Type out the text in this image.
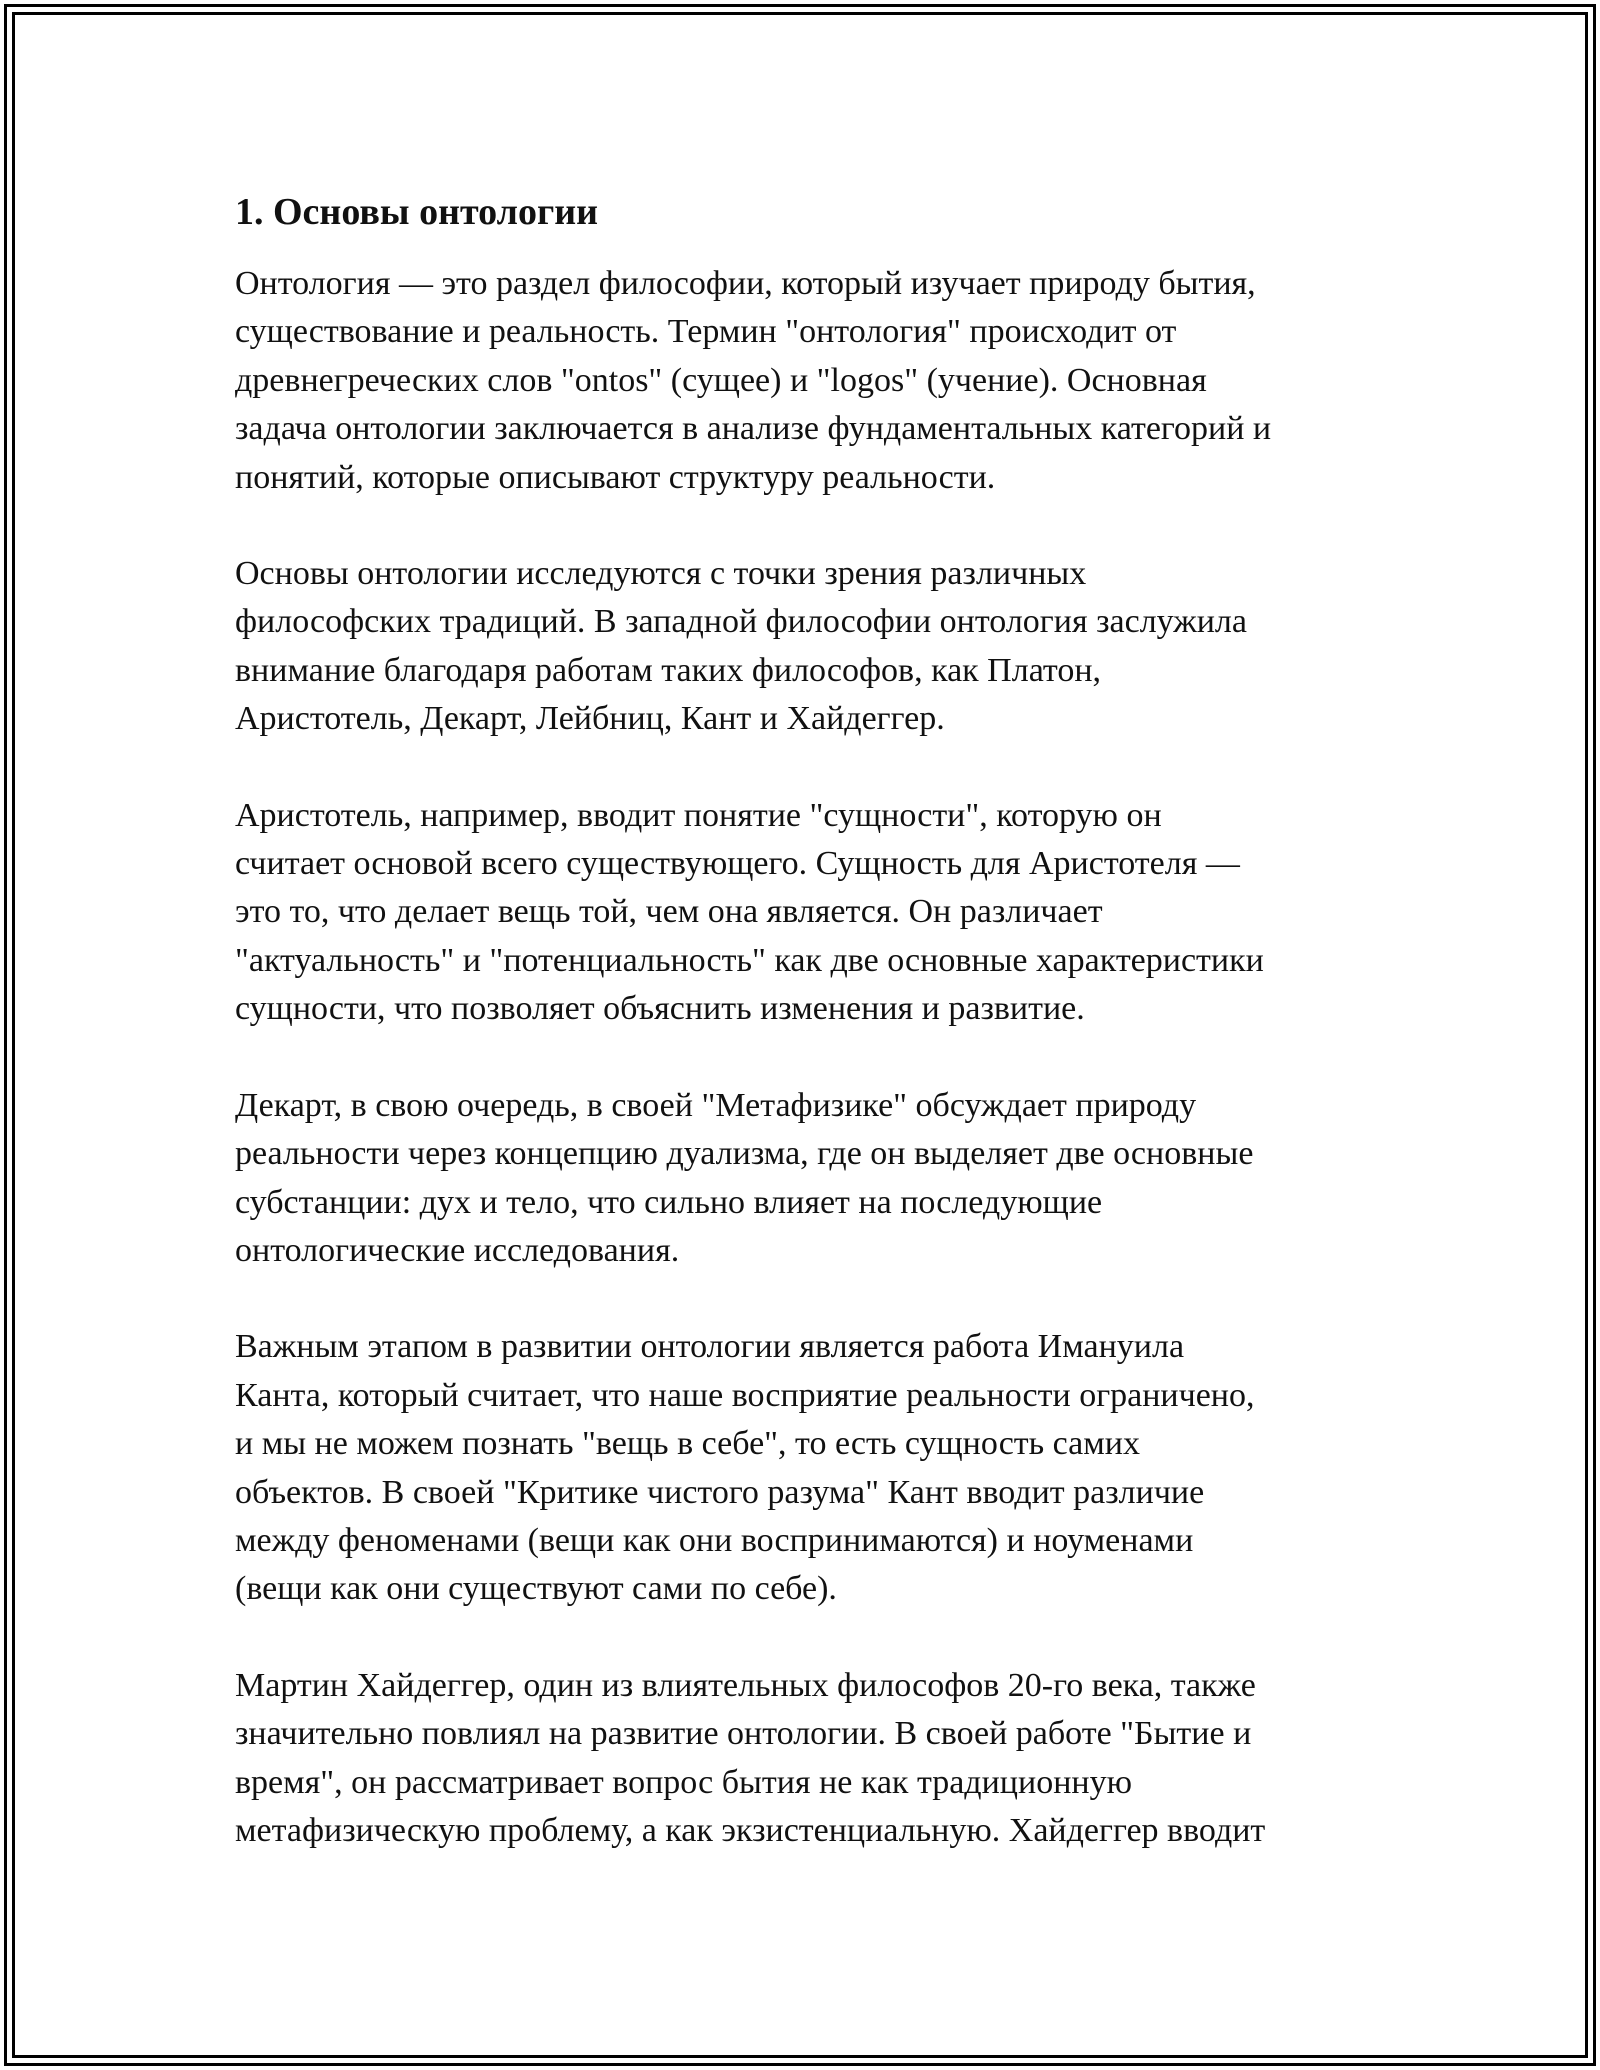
1. Основы онтологии

Онтология — это раздел философии, который изучает природу бытия,
существование и реальность. Термин "онтология" происходит от
древнегреческих слов "ontos" (сущее) и "logos" (учение). Основная
задача онтологии заключается в анализе фундаментальных категорий и
понятий, которые описывают структуру реальности.

Основы онтологии исследуются с точки зрения различных
философских традиций. В западной философии онтология заслужила
внимание благодаря работам таких философов, как Платон,
Аристотель, Декарт, Лейбниц, Кант и Хайдеггер.

Аристотель, например, вводит понятие "сущности", которую он
считает основой всего существующего. Сущность для Аристотеля —
это то, что делает вещь той, чем она является. Он различает
"актуальность" и "потенциальность" как две основные характеристики
сущности, что позволяет объяснить изменения и развитие.

Декарт, в свою очередь, в своей "Метафизике" обсуждает природу
реальности через концепцию дуализма, где он выделяет две основные
субстанции: дух и тело, что сильно влияет на последующие
онтологические исследования.

Важным этапом в развитии онтологии является работа Имануила
Канта, который считает, что наше восприятие реальности ограничено,
и мы не можем познать "вещь в себе", то есть сущность самих
объектов. В своей "Критике чистого разума" Кант вводит различие
между феноменами (вещи как они воспринимаются) и ноуменами
(вещи как они существуют сами по себе).

Мартин Хайдеггер, один из влиятельных философов 20-го века, также
значительно повлиял на развитие онтологии. В своей работе "Бытие и
время", он рассматривает вопрос бытия не как традиционную
метафизическую проблему, а как экзистенциальную. Хайдеггер вводит
